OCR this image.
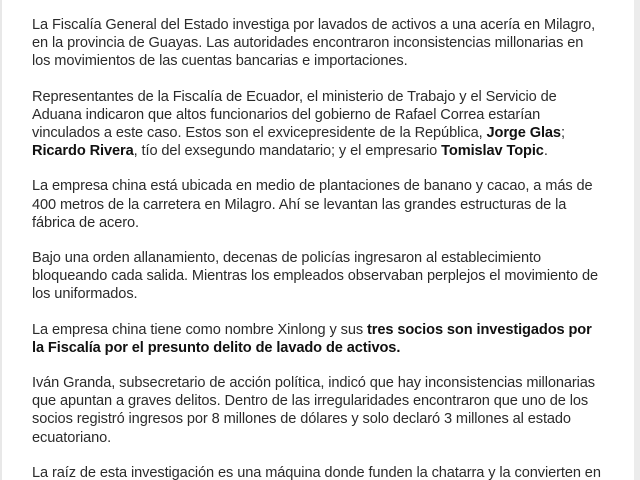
La Fiscalía General del Estado investiga por lavados de activos a una acería en Milagro, en la provincia de Guayas. Las autoridades encontraron inconsistencias millonarias en los movimientos de las cuentas bancarias e importaciones.

Representantes de la Fiscalía de Ecuador, el ministerio de Trabajo y el Servicio de Aduana indicaron que altos funcionarios del gobierno de Rafael Correa estarían vinculados a este caso. Estos son el exvicepresidente de la República, Jorge Glas; Ricardo Rivera, tío del exsegundo mandatario; y el empresario Tomislav Topic.

La empresa china está ubicada en medio de plantaciones de banano y cacao, a más de 400 metros de la carretera en Milagro. Ahí se levantan las grandes estructuras de la fábrica de acero.

Bajo una orden allanamiento, decenas de policías ingresaron al establecimiento bloqueando cada salida. Mientras los empleados observaban perplejos el movimiento de los uniformados.

La empresa china tiene como nombre Xinlong y sus tres socios son investigados por la Fiscalía por el presunto delito de lavado de activos.

Iván Granda, subsecretario de acción política, indicó que hay inconsistencias millonarias que apuntan a graves delitos. Dentro de las irregularidades encontraron que uno de los socios registró ingresos por 8 millones de dólares y solo declaró 3 millones al estado ecuatoriano.

La raíz de esta investigación es una máquina donde funden la chatarra y la convierten en
